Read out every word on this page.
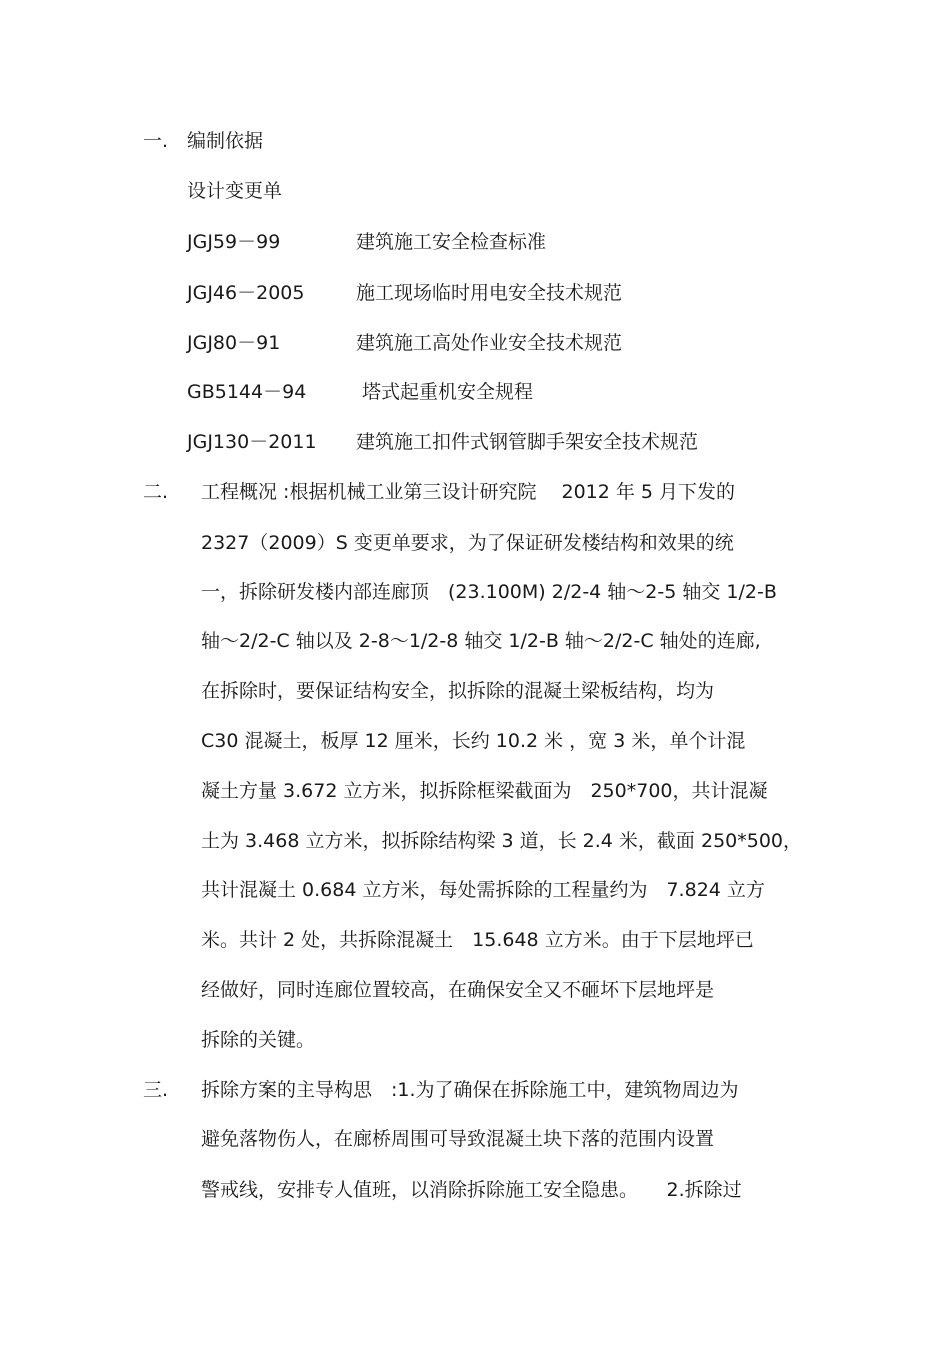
一. 编制依据
设计变更单
JGJ59－99	建筑施工安全检查标准
JGJ46－2005	施工现场临时用电安全技术规范
JGJ80－91	建筑施工高处作业安全技术规范
GB5144－94	塔式起重机安全规程
JGJ130－2011 建筑施工扣件式钢管脚手架安全技术规范
二. 工程概况 :根据机械工业第三设计研究院　 2012 年 5 月下发的
2327（2009）S 变更单要求，为了保证研发楼结构和效果的统
一，拆除研发楼内部连廊顶　(23.100M) 2/2-4 轴～2-5 轴交 1/2-B
轴～2/2-C 轴以及 2-8～1/2-8 轴交 1/2-B 轴～2/2-C 轴处的连廊,
在拆除时，要保证结构安全，拟拆除的混凝土梁板结构，均为
C30 混凝土，板厚 12 厘米，长约 10.2 米 ，宽 3 米，单个计混
凝土方量 3.672 立方米，拟拆除框梁截面为　250*700，共计混凝
土为 3.468 立方米，拟拆除结构梁 3 道，长 2.4 米，截面 250*500，
共计混凝土 0.684 立方米，每处需拆除的工程量约为　7.824 立方
米。共计 2 处，共拆除混凝土　15.648 立方米。由于下层地坪已
经做好，同时连廊位置较高，在确保安全又不砸坏下层地坪是
拆除的关键。
三. 拆除方案的主导构思　:1.为了确保在拆除施工中，建筑物周边为
避免落物伤人，在廊桥周围可导致混凝土块下落的范围内设置
警戒线，安排专人值班，以消除拆除施工安全隐患。　　2.拆除过
